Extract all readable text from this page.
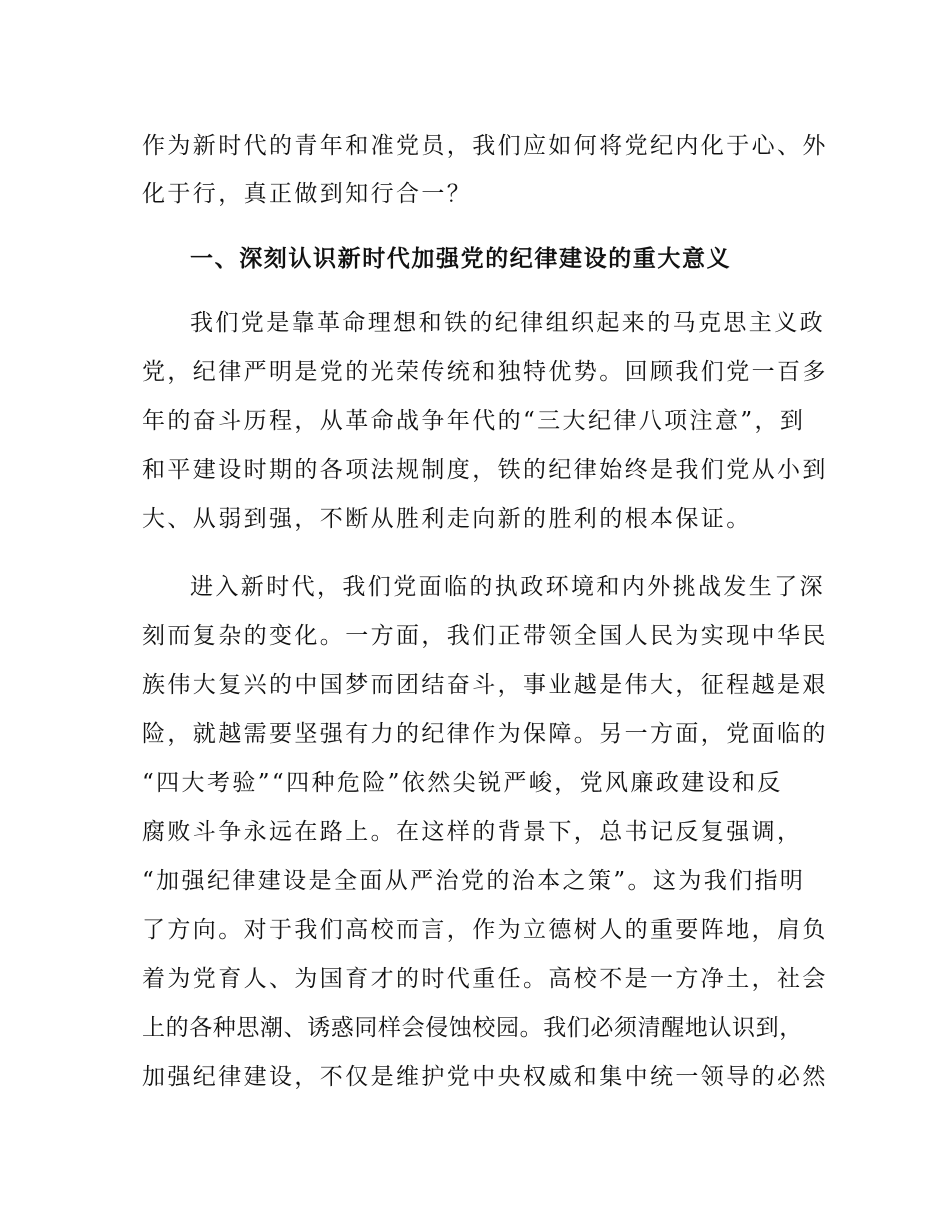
作为新时代的青年和准党员，我们应如何将党纪内化于心、外

化于行，真正做到知行合一？

一、深刻认识新时代加强党的纪律建设的重大意义

我们党是靠革命理想和铁的纪律组织起来的马克思主义政

党，纪律严明是党的光荣传统和独特优势。回顾我们党一百多

年的奋斗历程，从革命战争年代的“三大纪律八项注意”，到

和平建设时期的各项法规制度，铁的纪律始终是我们党从小到

大、从弱到强，不断从胜利走向新的胜利的根本保证。

进入新时代，我们党面临的执政环境和内外挑战发生了深

刻而复杂的变化。一方面，我们正带领全国人民为实现中华民

族伟大复兴的中国梦而团结奋斗，事业越是伟大，征程越是艰

险，就越需要坚强有力的纪律作为保障。另一方面，党面临的

“四大考验”“四种危险”依然尖锐严峻，党风廉政建设和反

腐败斗争永远在路上。在这样的背景下，总书记反复强调，

“加强纪律建设是全面从严治党的治本之策”。这为我们指明

了方向。对于我们高校而言，作为立德树人的重要阵地，肩负

着为党育人、为国育才的时代重任。高校不是一方净土，社会

上的各种思潮、诱惑同样会侵蚀校园。我们必须清醒地认识到，

加强纪律建设，不仅是维护党中央权威和集中统一领导的必然
